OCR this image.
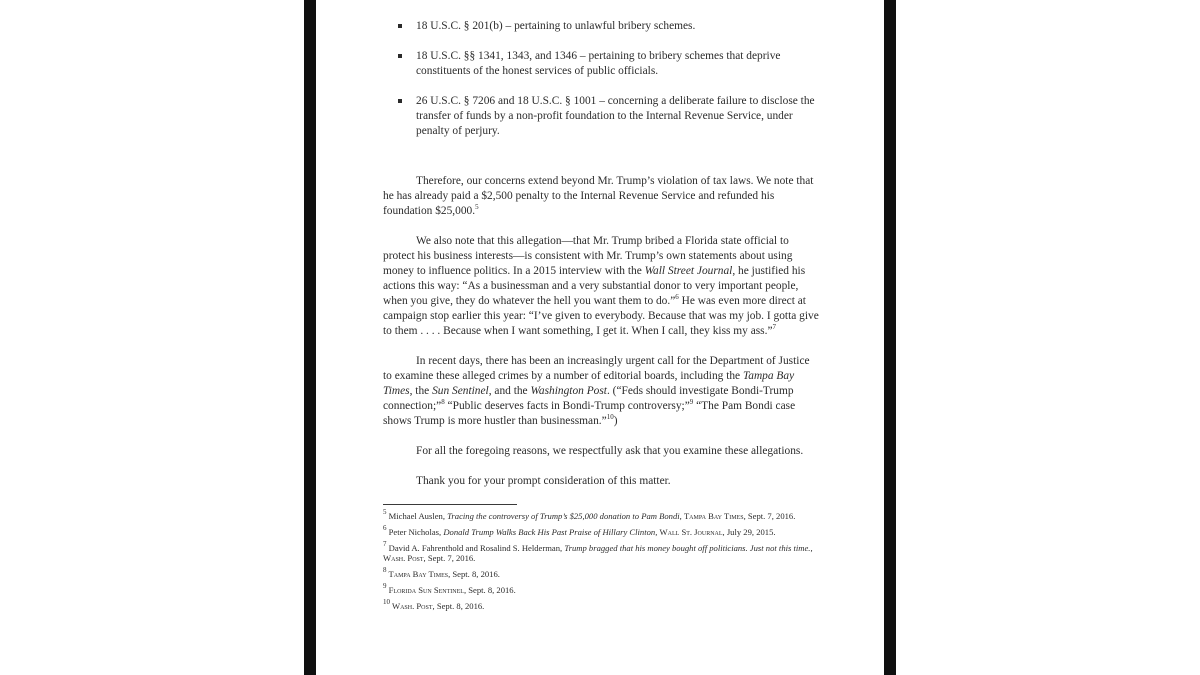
18 U.S.C. § 201(b) – pertaining to unlawful bribery schemes.
18 U.S.C. §§ 1341, 1343, and 1346 – pertaining to bribery schemes that deprive constituents of the honest services of public officials.
26 U.S.C. § 7206 and 18 U.S.C. § 1001 – concerning a deliberate failure to disclose the transfer of funds by a non-profit foundation to the Internal Revenue Service, under penalty of perjury.

Therefore, our concerns extend beyond Mr. Trump’s violation of tax laws. We note that he has already paid a $2,500 penalty to the Internal Revenue Service and refunded his foundation $25,000.$^5$

We also note that this allegation—that Mr. Trump bribed a Florida state official to protect his business interests—is consistent with Mr. Trump’s own statements about using money to influence politics. In a 2015 interview with the Wall Street Journal, he justified his actions this way: “As a businessman and a very substantial donor to very important people, when you give, they do whatever the hell you want them to do.”$^6$ He was even more direct at campaign stop earlier this year: “I’ve given to everybody. Because that was my job. I gotta give to them . . . . Because when I want something, I get it. When I call, they kiss my ass.”$^7$

In recent days, there has been an increasingly urgent call for the Department of Justice to examine these alleged crimes by a number of editorial boards, including the Tampa Bay Times, the Sun Sentinel, and the Washington Post. (“Feds should investigate Bondi-Trump connection;”$^8$ “Public deserves facts in Bondi-Trump controversy;”$^9$ “The Pam Bondi case shows Trump is more hustler than businessman.”$^{10}$)

For all the foregoing reasons, we respectfully ask that you examine these allegations.

Thank you for your prompt consideration of this matter.

$^5$ Michael Auslen, Tracing the controversy of Trump’s $25,000 donation to Pam Bondi, Tampa Bay Times, Sept. 7, 2016.
$^6$ Peter Nicholas, Donald Trump Walks Back His Past Praise of Hillary Clinton, Wall St. Journal, July 29, 2015.
$^7$ David A. Fahrenthold and Rosalind S. Helderman, Trump bragged that his money bought off politicians. Just not this time., Wash. Post, Sept. 7, 2016.
$^8$ Tampa Bay Times, Sept. 8, 2016.
$^9$ Florida Sun Sentinel, Sept. 8, 2016.
$^{10}$ Wash. Post, Sept. 8, 2016.
